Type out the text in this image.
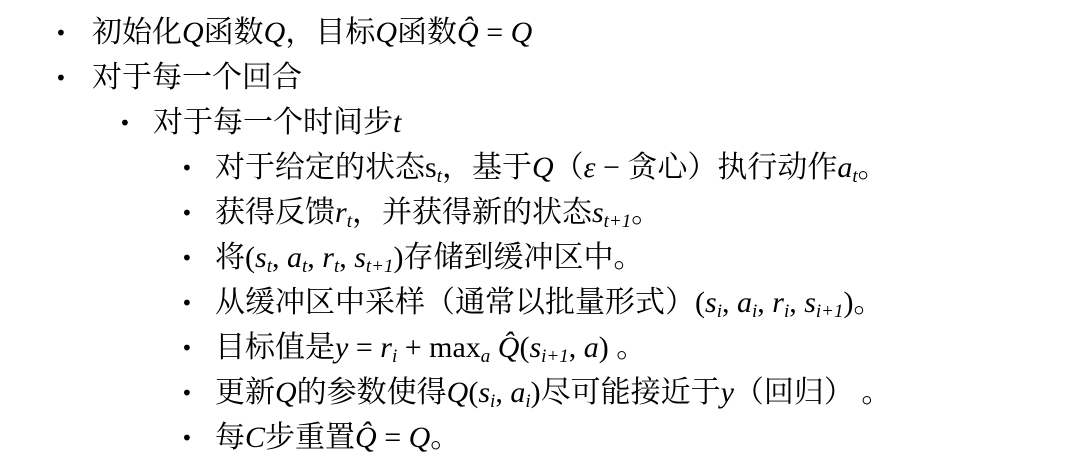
• 初始化Q函数Q，目标Q函数Q̂ = Q
• 对于每一个回合
• 对于每一个时间步t
• 对于给定的状态$s_t$，基于Q（ε − 贪心）执行动作$a_t$。
• 获得反馈$r_t$，并获得新的状态$s_{t+1}$。
• 将($s_t$, $a_t$, $r_t$, $s_{t+1}$)存储到缓冲区中。
• 从缓冲区中采样（通常以批量形式）($s_i$, $a_i$, $r_i$, $s_{i+1}$)。
• 目标值是$y = r_i + \max_a$ $Q̂(s_{i+1}$, a) 。
• 更新Q的参数使得$Q(s_i$, $a_i$)尽可能接近于y（回归） 。
• 每C步重置Q̂ = Q。
